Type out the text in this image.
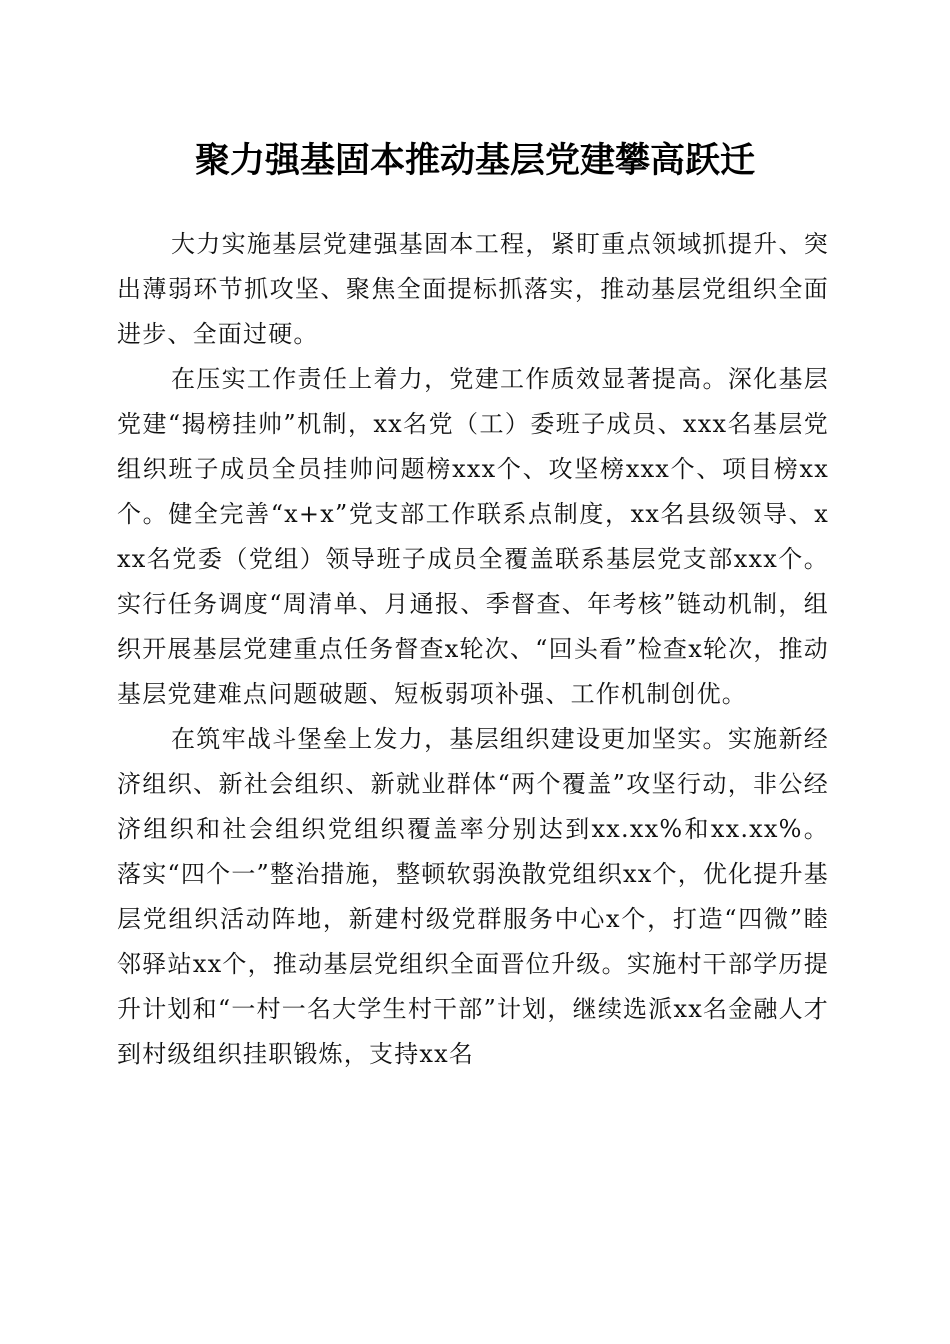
聚力强基固本推动基层党建攀高跃迁

大力实施基层党建强基固本工程，紧盯重点领域抓提升、突出薄弱环节抓攻坚、聚焦全面提标抓落实，推动基层党组织全面进步、全面过硬。

在压实工作责任上着力，党建工作质效显著提高。深化基层党建“揭榜挂帅”机制，xx名党（工）委班子成员、xxx名基层党组织班子成员全员挂帅问题榜xxx个、攻坚榜xxx个、项目榜xx个。健全完善“x+x”党支部工作联系点制度，xx名县级领导、xxx名党委（党组）领导班子成员全覆盖联系基层党支部xxx个。实行任务调度“周清单、月通报、季督查、年考核”链动机制，组织开展基层党建重点任务督查x轮次、“回头看”检查x轮次，推动基层党建难点问题破题、短板弱项补强、工作机制创优。

在筑牢战斗堡垒上发力，基层组织建设更加坚实。实施新经济组织、新社会组织、新就业群体“两个覆盖”攻坚行动，非公经济组织和社会组织党组织覆盖率分别达到xx.xx%和xx.xx%。落实“四个一”整治措施，整顿软弱涣散党组织xx个，优化提升基层党组织活动阵地，新建村级党群服务中心x个，打造“四微”睦邻驿站xx个，推动基层党组织全面晋位升级。实施村干部学历提升计划和“一村一名大学生村干部”计划，继续选派xx名金融人才到村级组织挂职锻炼，支持xx名
